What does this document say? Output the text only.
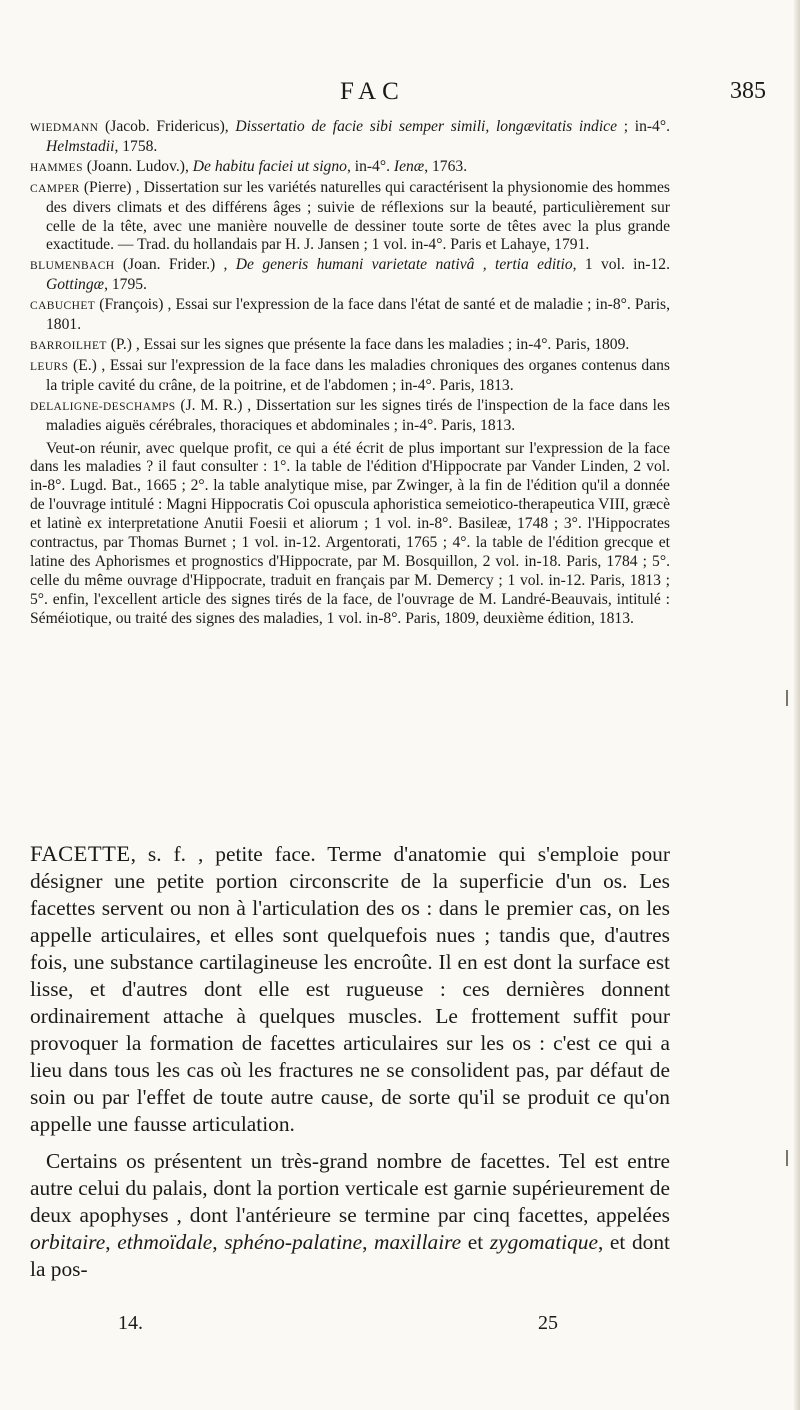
FAC	385

WIEDMANN (Jacob. Fridericus), Dissertatio de facie sibi semper simili, longævitatis indice ; in-4°. Helmstadii, 1758.

HAMMES (Joann. Ludov.), De habitu faciei ut signo, in-4°. Ienæ, 1763.

CAMPER (Pierre) , Dissertation sur les variétés naturelles qui caractérisent la physionomie des hommes des divers climats et des différens âges ; suivie de réflexions sur la beauté, particulièrement sur celle de la tête, avec une manière nouvelle de dessiner toute sorte de têtes avec la plus grande exactitude. — Trad. du hollandais par H. J. Jansen ; 1 vol. in-4°. Paris et Lahaye, 1791.

BLUMENBACH (Joan. Frider.) , De generis humani varietate nativâ , tertia editio, 1 vol. in-12. Gottingæ, 1795.

CABUCHET (François) , Essai sur l'expression de la face dans l'état de santé et de maladie ; in-8°. Paris, 1801.

BARROILHET (P.) , Essai sur les signes que présente la face dans les maladies ; in-4°. Paris, 1809.

LEURS (E.) , Essai sur l'expression de la face dans les maladies chroniques des organes contenus dans la triple cavité du crâne, de la poitrine, et de l'abdomen ; in-4°. Paris, 1813.

DELALIGNE-DESCHAMPS (J. M. R.) , Dissertation sur les signes tirés de l'inspection de la face dans les maladies aiguës cérébrales, thoraciques et abdominales ; in-4°. Paris, 1813.

Veut-on réunir, avec quelque profit, ce qui a été écrit de plus important sur l'expression de la face dans les maladies ? il faut consulter : 1°. la table de l'édition d'Hippocrate par Vander Linden, 2 vol. in-8°. Lugd. Bat., 1665 ; 2°. la table analytique mise, par Zwinger, à la fin de l'édition qu'il a donnée de l'ouvrage intitulé : Magni Hippocratis Coi opuscula aphoristica semeiotico-therapeutica VIII, græcè et latinè ex interpretatione Anutii Foesii et aliorum ; 1 vol. in-8°. Basileæ, 1748 ; 3°. l'Hippocrates contractus, par Thomas Burnet ; 1 vol. in-12. Argentorati, 1765 ; 4°. la table de l'édition grecque et latine des Aphorismes et prognostics d'Hippocrate, par M. Bosquillon, 2 vol. in-18. Paris, 1784 ; 5°. celle du même ouvrage d'Hippocrate, traduit en français par M. Demercy ; 1 vol. in-12. Paris, 1813 ; 5°. enfin, l'excellent article des signes tirés de la face, de l'ouvrage de M. Landré-Beauvais, intitulé : Séméiotique, ou traité des signes des maladies, 1 vol. in-8°. Paris, 1809, deuxième édition, 1813.

FACETTE, s. f. , petite face. Terme d'anatomie qui s'emploie pour désigner une petite portion circonscrite de la superficie d'un os. Les facettes servent ou non à l'articulation des os : dans le premier cas, on les appelle articulaires, et elles sont quelquefois nues ; tandis que, d'autres fois, une substance cartilagineuse les encroûte. Il en est dont la surface est lisse, et d'autres dont elle est rugueuse : ces dernières donnent ordinairement attache à quelques muscles. Le frottement suffit pour provoquer la formation de facettes articulaires sur les os : c'est ce qui a lieu dans tous les cas où les fractures ne se consolident pas, par défaut de soin ou par l'effet de toute autre cause, de sorte qu'il se produit ce qu'on appelle une fausse articulation.

Certains os présentent un très-grand nombre de facettes. Tel est entre autre celui du palais, dont la portion verticale est garnie supérieurement de deux apophyses , dont l'antérieure se termine par cinq facettes, appelées orbitaire, ethmoïdale, sphéno-palatine, maxillaire et zygomatique, et dont la pos-

14.	25
